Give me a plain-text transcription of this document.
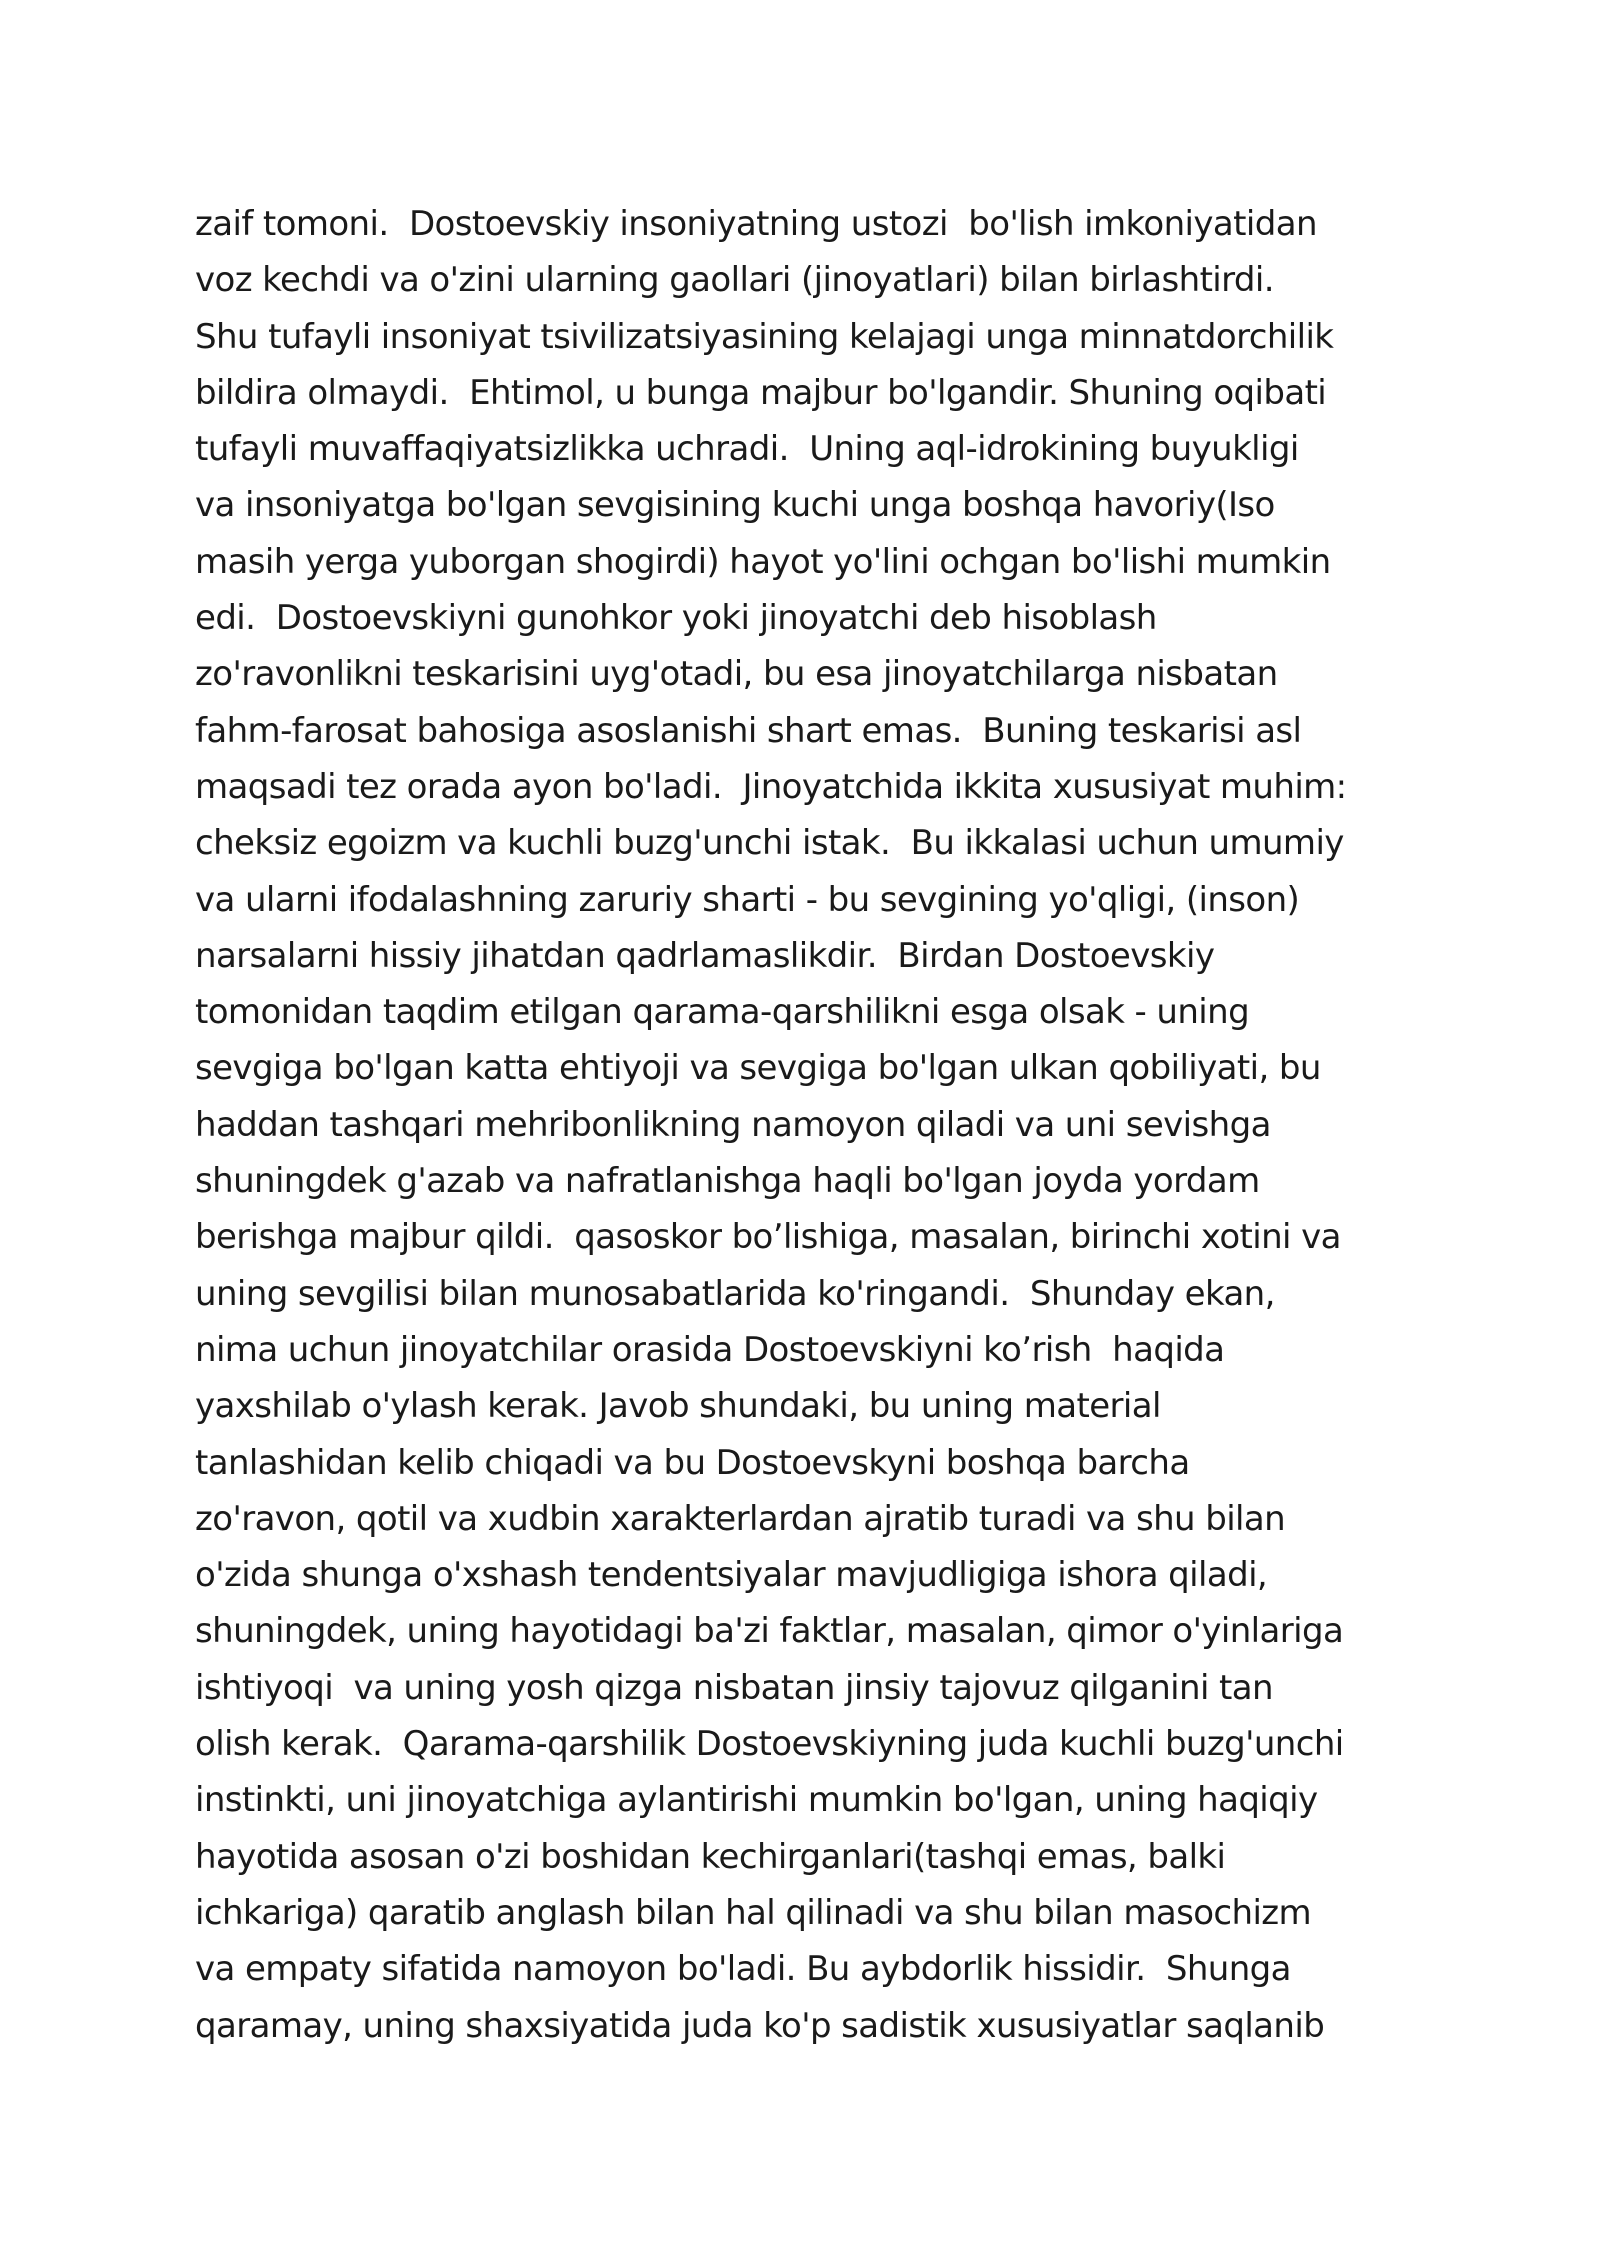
zaif tomoni.  Dostoevskiy insoniyatning ustozi  bo'lish imkoniyatidan
voz kechdi va o'zini ularning gaollari (jinoyatlari) bilan birlashtirdi.
Shu tufayli insoniyat tsivilizatsiyasining kelajagi unga minnatdorchilik
bildira olmaydi.  Ehtimol, u bunga majbur bo'lgandir. Shuning oqibati
tufayli muvaffaqiyatsizlikka uchradi.  Uning aql-idrokining buyukligi
va insoniyatga bo'lgan sevgisining kuchi unga boshqa havoriy(Iso
masih yerga yuborgan shogirdi) hayot yo'lini ochgan bo'lishi mumkin
edi.  Dostoevskiyni gunohkor yoki jinoyatchi deb hisoblash
zo'ravonlikni teskarisini uyg'otadi, bu esa jinoyatchilarga nisbatan
fahm-farosat bahosiga asoslanishi shart emas.  Buning teskarisi asl
maqsadi tez orada ayon bo'ladi.  Jinoyatchida ikkita xususiyat muhim:
cheksiz egoizm va kuchli buzg'unchi istak.  Bu ikkalasi uchun umumiy
va ularni ifodalashning zaruriy sharti - bu sevgining yo'qligi, (inson)
narsalarni hissiy jihatdan qadrlamaslikdir.  Birdan Dostoevskiy
tomonidan taqdim etilgan qarama-qarshilikni esga olsak - uning
sevgiga bo'lgan katta ehtiyoji va sevgiga bo'lgan ulkan qobiliyati, bu
haddan tashqari mehribonlikning namoyon qiladi va uni sevishga
shuningdek g'azab va nafratlanishga haqli bo'lgan joyda yordam
berishga majbur qildi.  qasoskor bo’lishiga, masalan, birinchi xotini va
uning sevgilisi bilan munosabatlarida ko'ringandi.  Shunday ekan,
nima uchun jinoyatchilar orasida Dostoevskiyni ko’rish  haqida
yaxshilab o'ylash kerak. Javob shundaki, bu uning material
tanlashidan kelib chiqadi va bu Dostoevskyni boshqa barcha
zo'ravon, qotil va xudbin xarakterlardan ajratib turadi va shu bilan
o'zida shunga o'xshash tendentsiyalar mavjudligiga ishora qiladi,
shuningdek, uning hayotidagi ba'zi faktlar, masalan, qimor o'yinlariga
ishtiyoqi  va uning yosh qizga nisbatan jinsiy tajovuz qilganini tan
olish kerak.  Qarama-qarshilik Dostoevskiyning juda kuchli buzg'unchi
instinkti, uni jinoyatchiga aylantirishi mumkin bo'lgan, uning haqiqiy
hayotida asosan o'zi boshidan kechirganlari(tashqi emas, balki
ichkariga) qaratib anglash bilan hal qilinadi va shu bilan masochizm
va empaty sifatida namoyon bo'ladi. Bu aybdorlik hissidir.  Shunga
qaramay, uning shaxsiyatida juda ko'p sadistik xususiyatlar saqlanib
